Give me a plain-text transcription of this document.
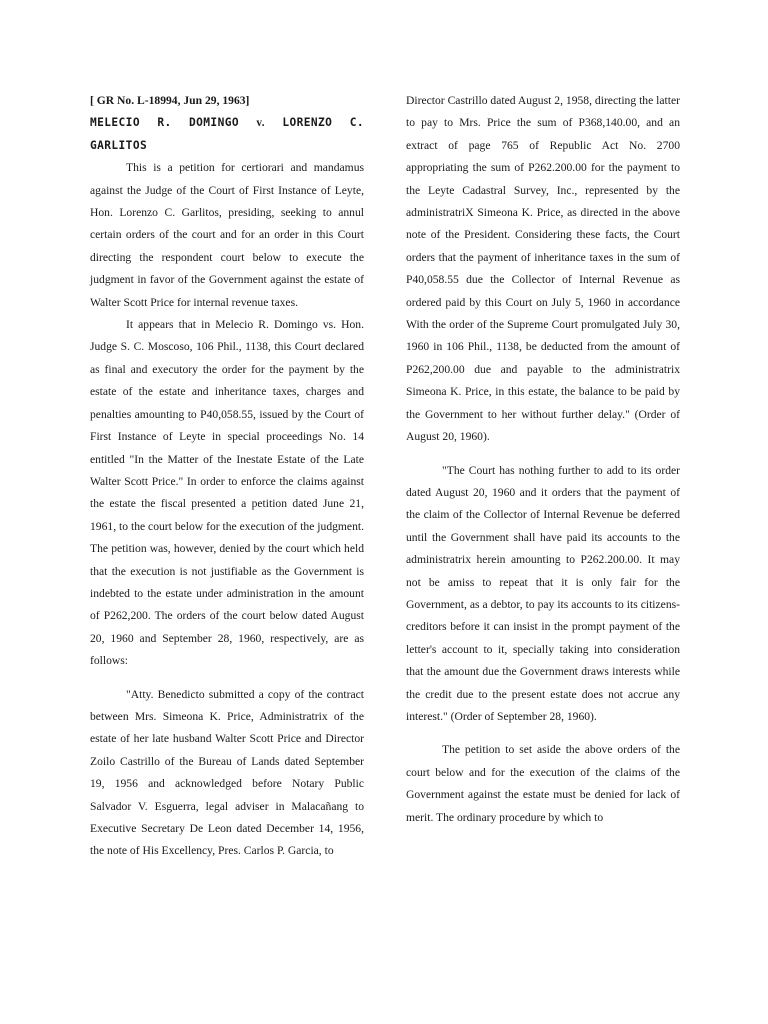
[ GR No. L-18994, Jun 29, 1963]

MELECIO R. DOMINGO v. LORENZO C. GARLITOS

This is a petition for certiorari and mandamus against the Judge of the Court of First Instance of Leyte, Hon. Lorenzo C. Garlitos, presiding, seeking to annul certain orders of the court and for an order in this Court directing the respondent court below to execute the judgment in favor of the Government against the estate of Walter Scott Price for internal revenue taxes.

It appears that in Melecio R. Domingo vs. Hon. Judge S. C. Moscoso, 106 Phil., 1138, this Court declared as final and executory the order for the payment by the estate of the estate and inheritance taxes, charges and penalties amounting to P40,058.55, issued by the Court of First Instance of Leyte in special proceedings No. 14 entitled "In the Matter of the Inestate Estate of the Late Walter Scott Price." In order to enforce the claims against the estate the fiscal presented a petition dated June 21, 1961, to the court below for the execution of the judgment. The petition was, however, denied by the court which held that the execution is not justifiable as the Government is indebted to the estate under administration in the amount of P262,200. The orders of the court below dated August 20, 1960 and September 28, 1960, respectively, are as follows:

"Atty. Benedicto submitted a copy of the contract between Mrs. Simeona K. Price, Administratrix of the estate of her late husband Walter Scott Price and Director Zoilo Castrillo of the Bureau of Lands dated September 19, 1956 and acknowledged before Notary Public Salvador V. Esguerra, legal adviser in Malacañang to Executive Secretary De Leon dated December 14, 1956, the note of His Excellency, Pres. Carlos P. Garcia, to

Director Castrillo dated August 2, 1958, directing the latter to pay to Mrs. Price the sum of P368,140.00, and an extract of page 765 of Republic Act No. 2700 appropriating the sum of P262.200.00 for the payment to the Leyte Cadastral Survey, Inc., represented by the administratriX Simeona K. Price, as directed in the above note of the President. Considering these facts, the Court orders that the payment of inheritance taxes in the sum of P40,058.55 due the Collector of Internal Revenue as ordered paid by this Court on July 5, 1960 in accordance With the order of the Supreme Court promulgated July 30, 1960 in 106 Phil., 1138, be deducted from the amount of P262,200.00 due and payable to the administratrix Simeona K. Price, in this estate, the balance to be paid by the Government to her without further delay." (Order of August 20, 1960).

"The Court has nothing further to add to its order dated August 20, 1960 and it orders that the payment of the claim of the Collector of Internal Revenue be deferred until the Government shall have paid its accounts to the administratrix herein amounting to P262.200.00. It may not be amiss to repeat that it is only fair for the Government, as a debtor, to pay its accounts to its citizens-creditors before it can insist in the prompt payment of the letter's account to it, specially taking into consideration that the amount due the Government draws interests while the credit due to the present estate does not accrue any interest." (Order of September 28, 1960).

The petition to set aside the above orders of the court below and for the execution of the claims of the Government against the estate must be denied for lack of merit. The ordinary procedure by which to
